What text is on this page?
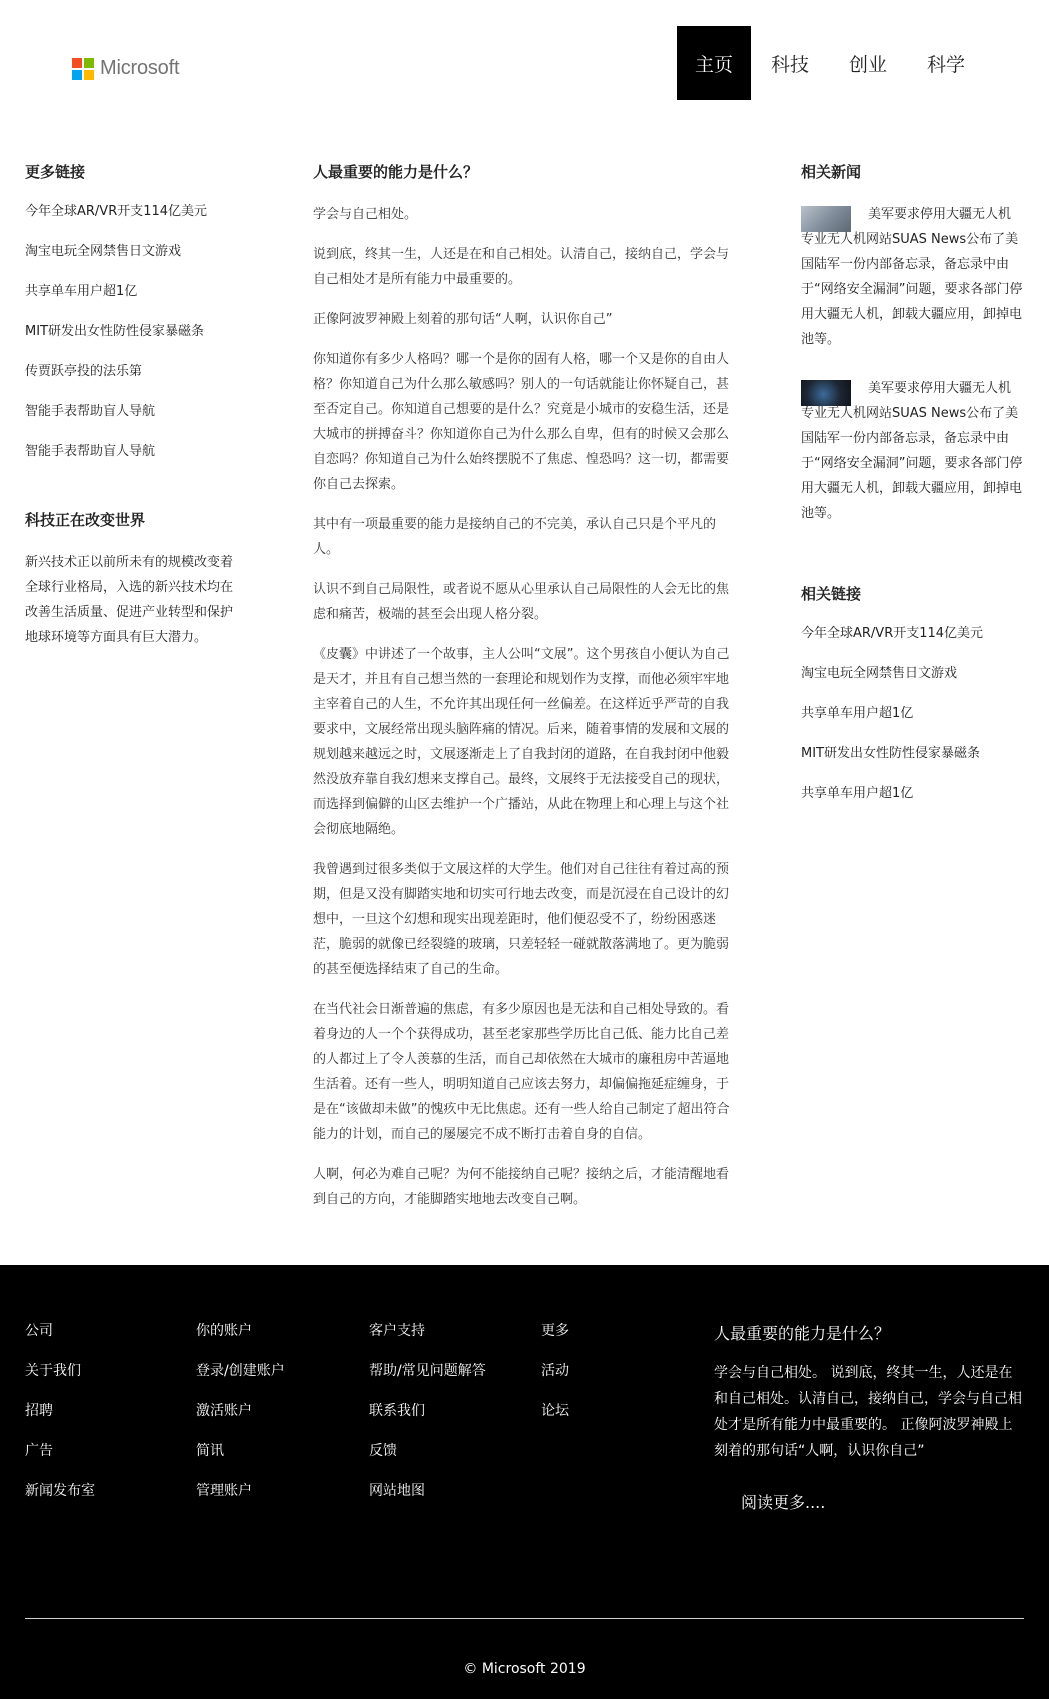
Microsoft	主页	科技	创业	科学
更多链接
今年全球AR/VR开支114亿美元
淘宝电玩全网禁售日文游戏
共享单车用户超1亿
MIT研发出女性防性侵家暴磁条
传贾跃亭投的法乐第
智能手表帮助盲人导航
智能手表帮助盲人导航
科技正在改变世界

新兴技术正以前所未有的规模改变着全球行业格局，入选的新兴技术均在改善生活质量、促进产业转型和保护地球环境等方面具有巨大潜力。

人最重要的能力是什么？

学会与自己相处。

说到底，终其一生，人还是在和自己相处。认清自己，接纳自己，学会与自己相处才是所有能力中最重要的。

正像阿波罗神殿上刻着的那句话“人啊，认识你自己”

你知道你有多少人格吗？哪一个是你的固有人格，哪一个又是你的自由人格？你知道自己为什么那么敏感吗？别人的一句话就能让你怀疑自己，甚至否定自己。你知道自己想要的是什么？究竟是小城市的安稳生活，还是大城市的拼搏奋斗？你知道你自己为什么那么自卑，但有的时候又会那么自恋吗？你知道自己为什么始终摆脱不了焦虑、惶恐吗？这一切，都需要你自己去探索。

其中有一项最重要的能力是接纳自己的不完美，承认自己只是个平凡的人。

认识不到自己局限性，或者说不愿从心里承认自己局限性的人会无比的焦虑和痛苦，极端的甚至会出现人格分裂。

《皮囊》中讲述了一个故事，主人公叫“文展”。这个男孩自小便认为自己是天才，并且有自己想当然的一套理论和规划作为支撑，而他必须牢牢地主宰着自己的人生，不允许其出现任何一丝偏差。在这样近乎严苛的自我要求中，文展经常出现头脑阵痛的情况。后来，随着事情的发展和文展的规划越来越远之时，文展逐渐走上了自我封闭的道路，在自我封闭中他毅然没放弃靠自我幻想来支撑自己。最终，文展终于无法接受自己的现状，而选择到偏僻的山区去维护一个广播站，从此在物理上和心理上与这个社会彻底地隔绝。

我曾遇到过很多类似于文展这样的大学生。他们对自己往往有着过高的预期，但是又没有脚踏实地和切实可行地去改变，而是沉浸在自己设计的幻想中，一旦这个幻想和现实出现差距时，他们便忍受不了，纷纷困惑迷茫，脆弱的就像已经裂缝的玻璃，只差轻轻一碰就散落满地了。更为脆弱的甚至便选择结束了自己的生命。

在当代社会日渐普遍的焦虑，有多少原因也是无法和自己相处导致的。看着身边的人一个个获得成功，甚至老家那些学历比自己低、能力比自己差的人都过上了令人羡慕的生活，而自己却依然在大城市的廉租房中苦逼地生活着。还有一些人，明明知道自己应该去努力，却偏偏拖延症缠身，于是在“该做却未做”的愧疚中无比焦虑。还有一些人给自己制定了超出符合能力的计划，而自己的屡屡完不成不断打击着自身的自信。

人啊，何必为难自己呢？为何不能接纳自己呢？接纳之后，才能清醒地看到自己的方向，才能脚踏实地地去改变自己啊。

相关新闻

美军要求停用大疆无人机 专业无人机网站SUAS News公布了美国陆军一份内部备忘录，备忘录中由于“网络安全漏洞”问题，要求各部门停用大疆无人机，卸载大疆应用，卸掉电池等。

美军要求停用大疆无人机 专业无人机网站SUAS News公布了美国陆军一份内部备忘录，备忘录中由于“网络安全漏洞”问题，要求各部门停用大疆无人机，卸载大疆应用，卸掉电池等。

相关链接
今年全球AR/VR开支114亿美元
淘宝电玩全网禁售日文游戏
共享单车用户超1亿
MIT研发出女性防性侵家暴磁条
共享单车用户超1亿
公司
关于我们
招聘
广告
新闻发布室
你的账户
登录/创建账户
激活账户
简讯
管理账户
客户支持
帮助/常见问题解答
联系我们
反馈
网站地图
更多
活动
论坛
人最重要的能力是什么？

学会与自己相处。 说到底，终其一生，人还是在和自己相处。认清自己，接纳自己，学会与自己相处才是所有能力中最重要的。 正像阿波罗神殿上刻着的那句话“人啊，认识你自己”

阅读更多....
© Microsoft 2019
